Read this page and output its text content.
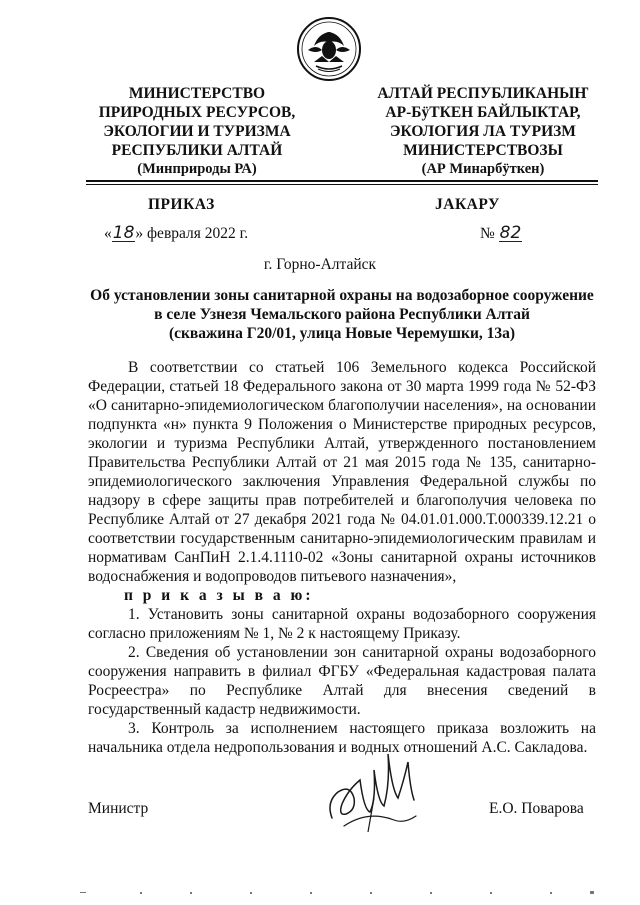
МИНИСТЕРСТВО
ПРИРОДНЫХ РЕСУРСОВ,
ЭКОЛОГИИ И ТУРИЗМА
РЕСПУБЛИКИ АЛТАЙ
(Минприроды РА)
АЛТАЙ РЕСПУБЛИКАНЫҤ
АР-БÿТКЕН БАЙЛЫКТАР,
ЭКОЛОГИЯ ЛА ТУРИЗМ
МИНИСТЕРСТВОЗЫ
(АР Минарбÿткен)
ПРИКАЗ	JАКАРУ
«18» февраля 2022 г.	№ 82
г. Горно-Алтайск
Об установлении зоны санитарной охраны на водозаборное сооружение
в селе Узнезя Чемальского района Республики Алтай
(скважина Г20/01, улица Новые Черемушки, 13а)

В соответствии со статьей 106 Земельного кодекса Российской Федерации, статьей 18 Федерального закона от 30 марта 1999 года № 52-ФЗ «О санитарно-эпидемиологическом благополучии населения», на основании подпункта «н» пункта 9 Положения о Министерстве природных ресурсов, экологии и туризма Республики Алтай, утвержденного постановлением Правительства Республики Алтай от 21 мая 2015 года № 135, санитарно-эпидемиологического заключения Управления Федеральной службы по надзору в сфере защиты прав потребителей и благополучия человека по Республике Алтай от 27 декабря 2021 года № 04.01.01.000.Т.000339.12.21 о соответствии государственным санитарно-эпидемиологическим правилам и нормативам СанПиН 2.1.4.1110-02 «Зоны санитарной охраны источников водоснабжения и водопроводов питьевого назначения»,

п р и к а з ы в а ю:

1. Установить зоны санитарной охраны водозаборного сооружения согласно приложениям № 1, № 2 к настоящему Приказу.

2. Сведения об установлении зон санитарной охраны водозаборного сооружения направить в филиал ФГБУ «Федеральная кадастровая палата Росреестра» по Республике Алтай для внесения сведений в государственный кадастр недвижимости.

3. Контроль за исполнением настоящего приказа возложить на начальника отдела недропользования и водных отношений А.С. Сакладова.

Министр	Е.О. Поварова
